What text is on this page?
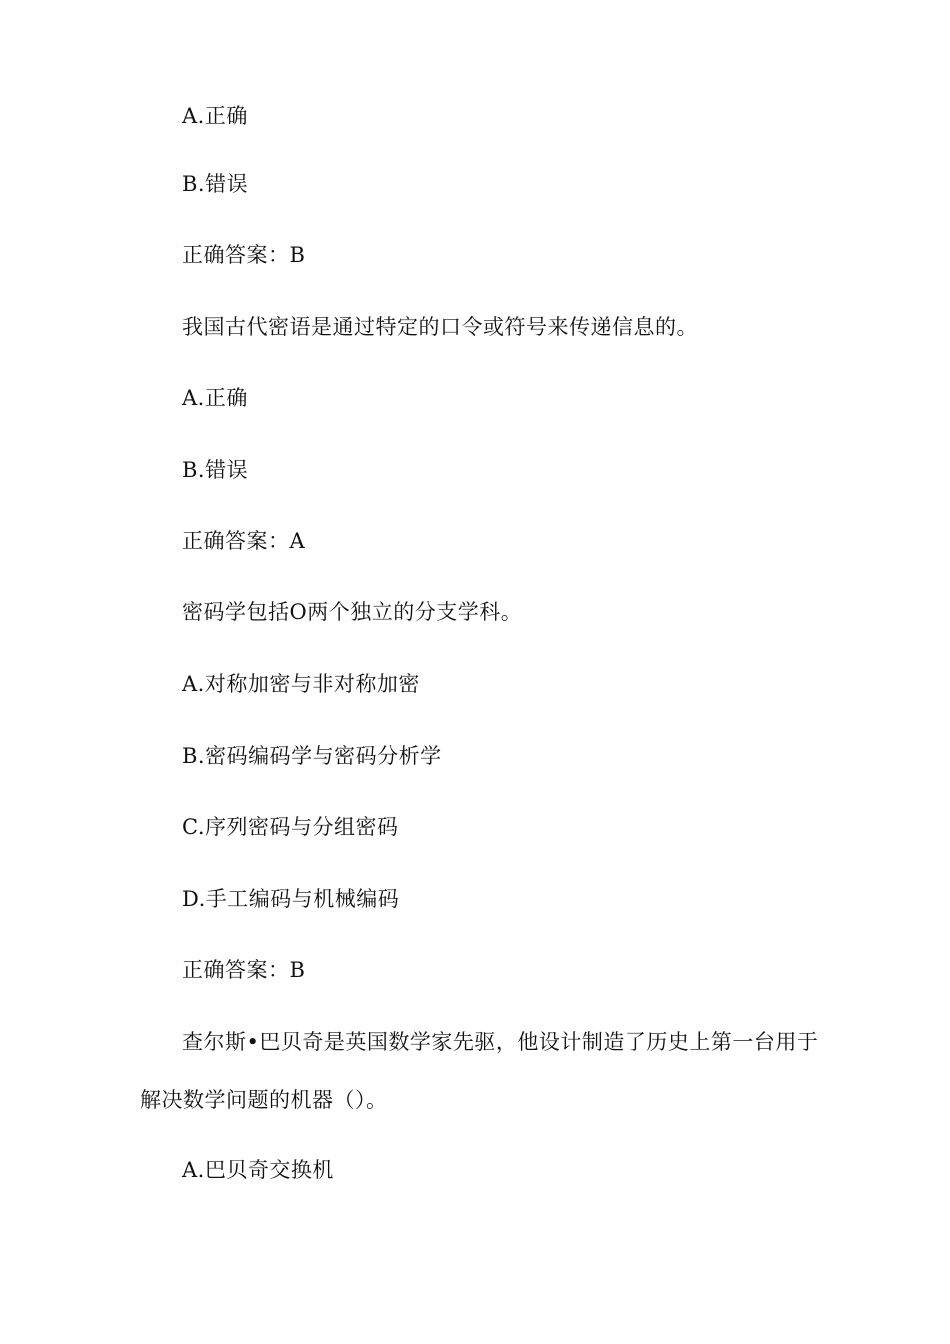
A.正确
B.错误
正确答案：B
我国古代密语是通过特定的口令或符号来传递信息的。
A.正确
B.错误
正确答案：A
密码学包括O两个独立的分支学科。
A.对称加密与非对称加密
B.密码编码学与密码分析学
C.序列密码与分组密码
D.手工编码与机械编码
正确答案：B
查尔斯•巴贝奇是英国数学家先驱，他设计制造了历史上第一台用于解决数学问题的机器（）。
A.巴贝奇交换机
